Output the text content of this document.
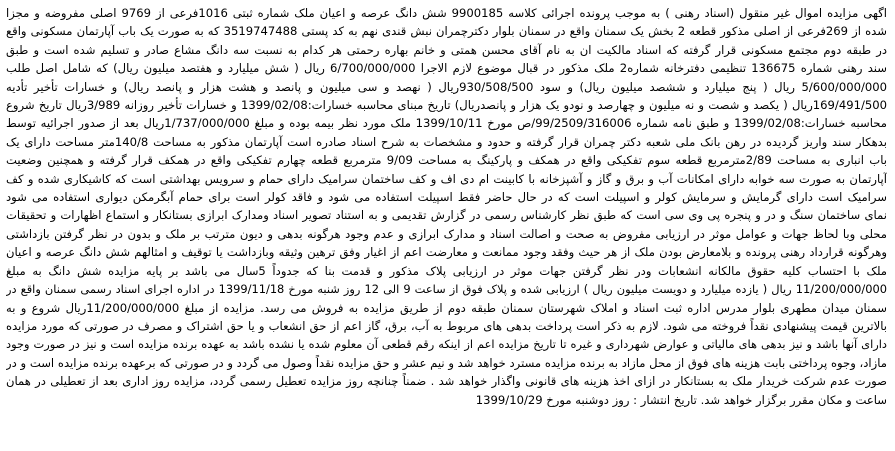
اگهی مزایده اموال غیر منقول (اسناد رهنی ) به موجب پرونده اجرائی کلاسه 9900185 شش دانگ عرصه و اعیان ملک شماره ثبتی 1016فرعی از 9769 اصلی مفروضه و مجزا
شده از 269فرعی از اصلی مذکور قطعه 2 بخش یک سمنان واقع در سمنان بلوار دکترچمران نبش قندی نهم به کد پستی 3519747488 که به صورت یک باب آپارتمان مسکونی واقع
در طبقه دوم مجتمع مسکونی قرار گرفته که اسناد مالکیت ان به نام آقای محسن همتی و خانم بهاره رحمتی هر کدام به نسبت سه دانگ مشاع صادر و تسلیم شده است و طبق
سند رهنی شماره 136675 تنظیمی دفترخانه شماره2 ملک مذکور در قبال موضوع لازم الاجرا 6/700/000/000 ریال ( شش میلیارد و هفتصد میلیون ریال) که شامل اصل طلب
5/600/000/000 ریال ( پنج میلیارد و ششصد میلیون ریال) و سود 930/508/500ریال ( نهصد و سی میلیون و پانصد و هشت هزار و پانصد ریال) و خسارات تأخیر تأدیه
169/491/500ریال ( یکصد و شصت و نه میلیون و چهارصد و نودو یک هزار و پانصدریال) تاریخ مبنای محاسبه خسارات:1399/02/08 و خسارات تأخیر روزانه 3/989ریال تاریخ شروع
محاسبه خسارات:1399/02/08 و طبق نامه شماره 99/2509/316006/ص مورخ 1399/10/11 ملک مورد نظر بیمه بوده و مبلغ 1/737/000/000ریال بعد از صدور اجرائیه توسط
بدهکار سند واریز گردیده در رهن بانک ملی شعبه دکتر چمران قرار گرفته و حدود و مشخصات به شرح اسناد صادره است آپارتمان مذکور به مساحت 140/8متر مساحت دارای یک
باب انباری به مساحت 2/89مترمربع قطعه سوم تفکیکی واقع در همکف و پارکینگ به مساحت 9/09 مترمربع قطعه چهارم تفکیکی واقع در همکف قرار گرفته و همچنین وضعیت
آپارتمان به صورت سه خوابه دارای امکانات آب و برق و گاز و آشپزخانه با کابینت ام دی اف و کف ساختمان سرامیک دارای حمام و سرویس بهداشتی است که کاشیکاری شده و کف
سرامیک است دارای گرمایش و سرمایش کولر و اسپیلت است که در حال حاضر فقط اسپیلت استفاده می شود و فاقد کولر است برای حمام آبگرمکن دیواری استفاده می شود
نمای ساختمان سنگ و در و پنجره پی وی سی است که طبق نظر کارشناس رسمی در گزارش تقدیمی و به استناد تصویر اسناد ومدارک ابرازی بستانکار و استماع اظهارات و تحقیقات
محلی وبا لحاظ جهات و عوامل موثر در ارزیابی مفروض به صحت و اصالت اسناد و مدارک ابرازی و عدم وجود هرگونه بدهی و دیون مترتب بر ملک و بدون در نظر گرفتن بازداشتی
وهرگونه قرارداد رهنی پرونده و بلامعارض بودن ملک از هر حیث وفقد وجود ممانعت و معارضت اعم از اغیار وفق ترهین وثیقه وبازداشت یا توقیف و امثالهم شش دانگ عرصه و اعیان
ملک با احتساب کلیه حقوق مالکانه انشعابات ودر نظر گرفتن جهات موثر در ارزیابی پلاک مذکور و قدمت بنا که جدوداً 5سال می باشد بر پایه مزایده شش دانگ به مبلغ
11/200/000/000 ریال ( یازده میلیارد و دویست میلیون ریال ) ارزیابی شده و پلاک فوق از ساعت 9 الی 12 روز شنبه مورخ 1399/11/18 در اداره اجرای اسناد رسمی سمنان واقع در
سمنان میدان مطهری بلوار مدرس اداره ثبت اسناد و املاک شهرستان سمنان طبقه دوم از طریق مزایده به فروش می رسد. مزایده از مبلغ 11/200/000/000ریال شروع و به
بالاترین قیمت پیشنهادی نقداً فروخته می شود. لازم به ذکر است پرداخت بدهی های مربوط به آب، برق، گاز اعم از حق انشعاب و یا حق اشتراک و مصرف در صورتی که مورد مزایده
دارای آنها باشد و نیز بدهی های مالیاتی و عوارض شهرداری و غیره تا تاریخ مزایده اعم از اینکه رقم قطعی آن معلوم شده یا نشده باشد به عهده برنده مزایده است و نیز در صورت وجود
مازاد، وجوه پرداختی بابت هزینه های فوق از محل مازاد به برنده مزایده مسترد خواهد شد و نیم عشر و حق مزایده نقداً وصول می گردد و در صورتی که برعهده برنده مزایده است و در
صورت عدم شرکت خریدار ملک به بستانکار در ازای اخذ هزینه های قانونی واگذار خواهد شد . ضمناً چنانچه روز مزایده تعطیل رسمی گردد، مزایده روز اداری بعد از تعطیلی در همان
ساعت و مکان مقرر برگزار خواهد شد. تاریخ انتشار : روز دوشنبه مورخ 1399/10/29
